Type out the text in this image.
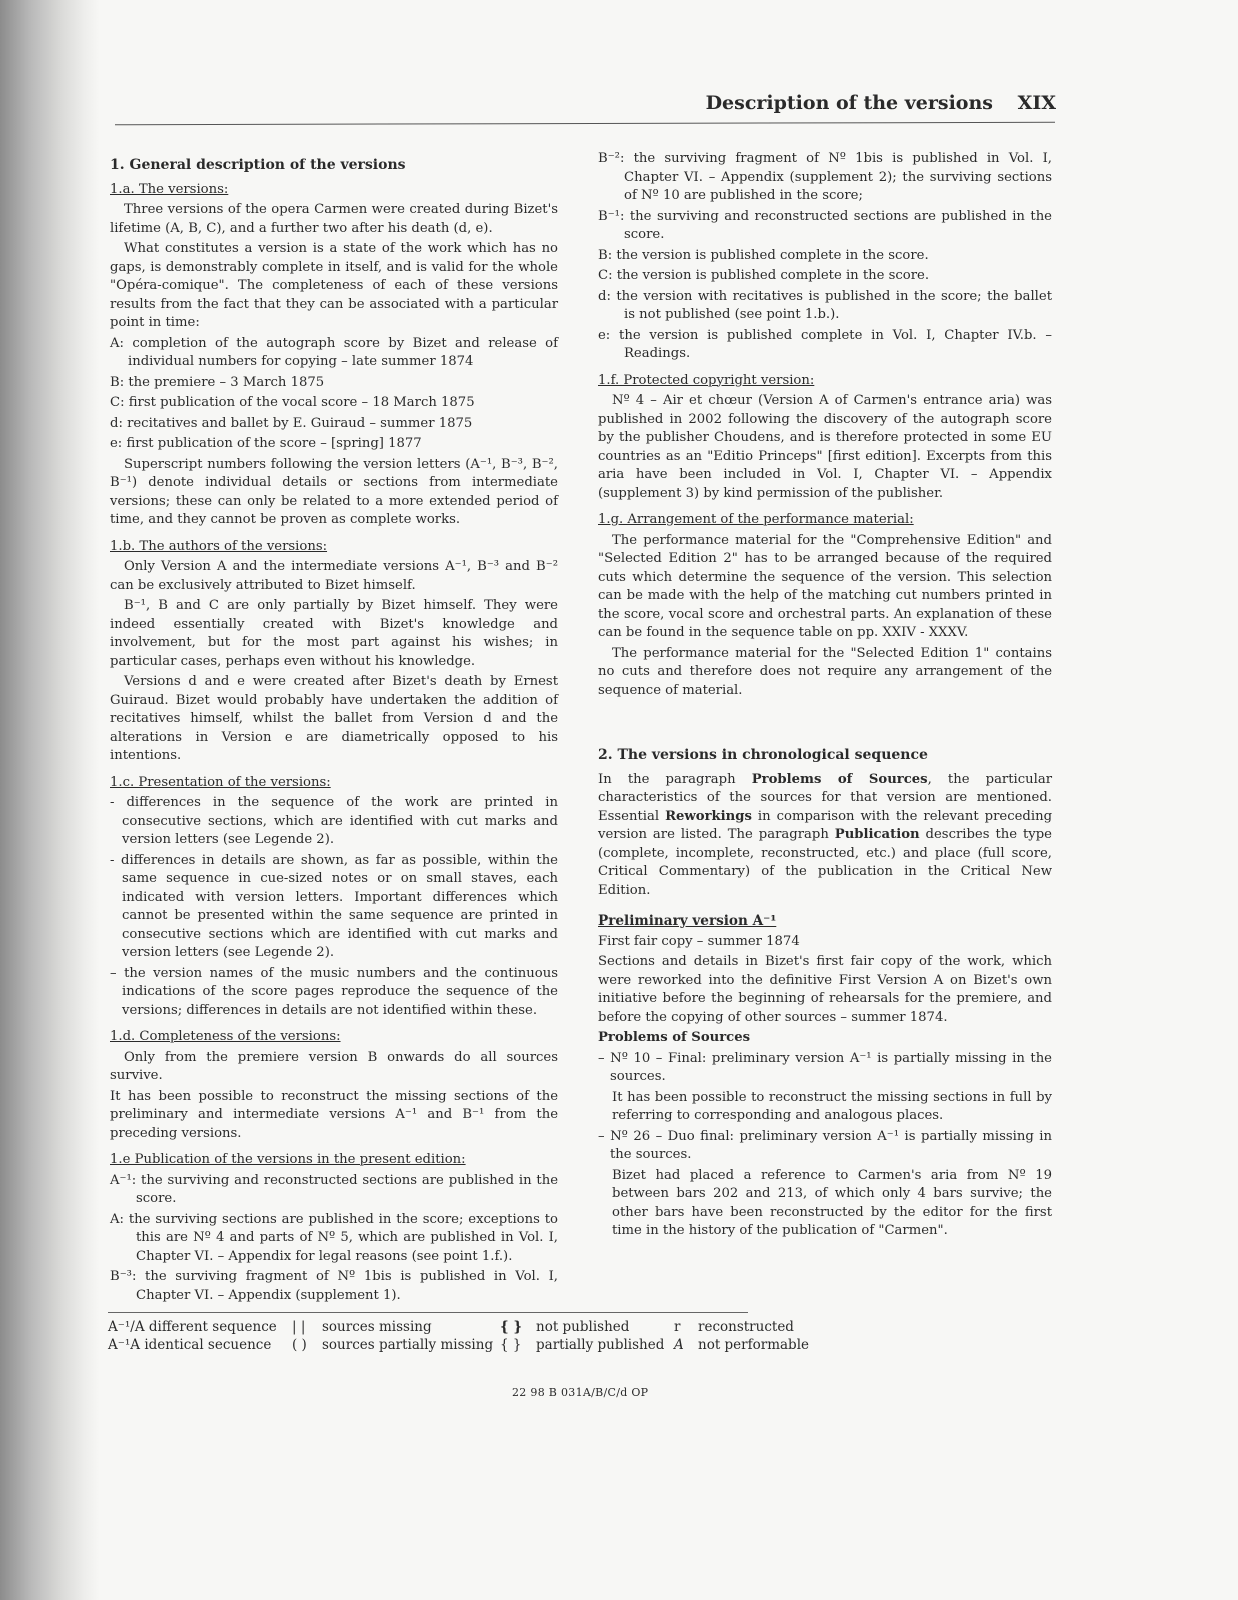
Description of the versions XIX

1. General description of the versions

1.a. The versions:

Three versions of the opera Carmen were created during Bizet's lifetime (A, B, C), and a further two after his death (d, e).

What constitutes a version is a state of the work which has no gaps, is demonstrably complete in itself, and is valid for the whole "Opéra-comique". The completeness of each of these versions results from the fact that they can be associated with a particular point in time:

A: completion of the autograph score by Bizet and release of individual numbers for copying – late summer 1874

B: the premiere – 3 March 1875

C: first publication of the vocal score – 18 March 1875

d: recitatives and ballet by E. Guiraud – summer 1875

e: first publication of the score – [spring] 1877

Superscript numbers following the version letters (A⁻¹, B⁻³, B⁻², B⁻¹) denote individual details or sections from intermediate versions; these can only be related to a more extended period of time, and they cannot be proven as complete works.

1.b. The authors of the versions:

Only Version A and the intermediate versions A⁻¹, B⁻³ and B⁻² can be exclusively attributed to Bizet himself.

B⁻¹, B and C are only partially by Bizet himself. They were indeed essentially created with Bizet's knowledge and involvement, but for the most part against his wishes; in particular cases, perhaps even without his knowledge.

Versions d and e were created after Bizet's death by Ernest Guiraud. Bizet would probably have undertaken the addition of recitatives himself, whilst the ballet from Version d and the alterations in Version e are diametrically opposed to his intentions.

1.c. Presentation of the versions:

- differences in the sequence of the work are printed in consecutive sections, which are identified with cut marks and version letters (see Legende 2).

- differences in details are shown, as far as possible, within the same sequence in cue-sized notes or on small staves, each indicated with version letters. Important differences which cannot be presented within the same sequence are printed in consecutive sections which are identified with cut marks and version letters (see Legende 2).

– the version names of the music numbers and the continuous indications of the score pages reproduce the sequence of the versions; differences in details are not identified within these.

1.d. Completeness of the versions:

Only from the premiere version B onwards do all sources survive.

It has been possible to reconstruct the missing sections of the preliminary and intermediate versions A⁻¹ and B⁻¹ from the preceding versions.

1.e Publication of the versions in the present edition:

A⁻¹: the surviving and reconstructed sections are published in the score.

A: the surviving sections are published in the score; exceptions to this are Nº 4 and parts of Nº 5, which are published in Vol. I, Chapter VI. – Appendix for legal reasons (see point 1.f.).

B⁻³: the surviving fragment of Nº 1bis is published in Vol. I, Chapter VI. – Appendix (supplement 1).

B⁻²: the surviving fragment of Nº 1bis is published in Vol. I, Chapter VI. – Appendix (supplement 2); the surviving sections of Nº 10 are published in the score;

B⁻¹: the surviving and reconstructed sections are published in the score.

B: the version is published complete in the score.

C: the version is published complete in the score.

d: the version with recitatives is published in the score; the ballet is not published (see point 1.b.).

e: the version is published complete in Vol. I, Chapter IV.b. – Readings.

1.f. Protected copyright version:

Nº 4 – Air et chœur (Version A of Carmen's entrance aria) was published in 2002 following the discovery of the autograph score by the publisher Choudens, and is therefore protected in some EU countries as an "Editio Princeps" [first edition]. Excerpts from this aria have been included in Vol. I, Chapter VI. – Appendix (supplement 3) by kind permission of the publisher.

1.g. Arrangement of the performance material:

The performance material for the "Comprehensive Edition" and "Selected Edition 2" has to be arranged because of the required cuts which determine the sequence of the version. This selection can be made with the help of the matching cut numbers printed in the score, vocal score and orchestral parts. An explanation of these can be found in the sequence table on pp. XXIV - XXXV.

The performance material for the "Selected Edition 1" contains no cuts and therefore does not require any arrangement of the sequence of material.

2. The versions in chronological sequence

In the paragraph Problems of Sources, the particular characteristics of the sources for that version are mentioned. Essential Reworkings in comparison with the relevant preceding version are listed. The paragraph Publication describes the type (complete, incomplete, reconstructed, etc.) and place (full score, Critical Commentary) of the publication in the Critical New Edition.

Preliminary version A⁻¹

First fair copy – summer 1874

Sections and details in Bizet's first fair copy of the work, which were reworked into the definitive First Version A on Bizet's own initiative before the beginning of rehearsals for the premiere, and before the copying of other sources – summer 1874.

Problems of Sources

– Nº 10 – Final: preliminary version A⁻¹ is partially missing in the sources.

It has been possible to reconstruct the missing sections in full by referring to corresponding and analogous places.

– Nº 26 – Duo final: preliminary version A⁻¹ is partially missing in the sources.

Bizet had placed a reference to Carmen's aria from Nº 19 between bars 202 and 213, of which only 4 bars survive; the other bars have been reconstructed by the editor for the first time in the history of the publication of "Carmen".

A⁻¹/A different sequence
A⁻¹A identical secuence
| | sources missing
( ) sources partially missing
{ } not published
{ } partially published
r reconstructed
A not performable
22 98 B 031A/B/C/d OP
